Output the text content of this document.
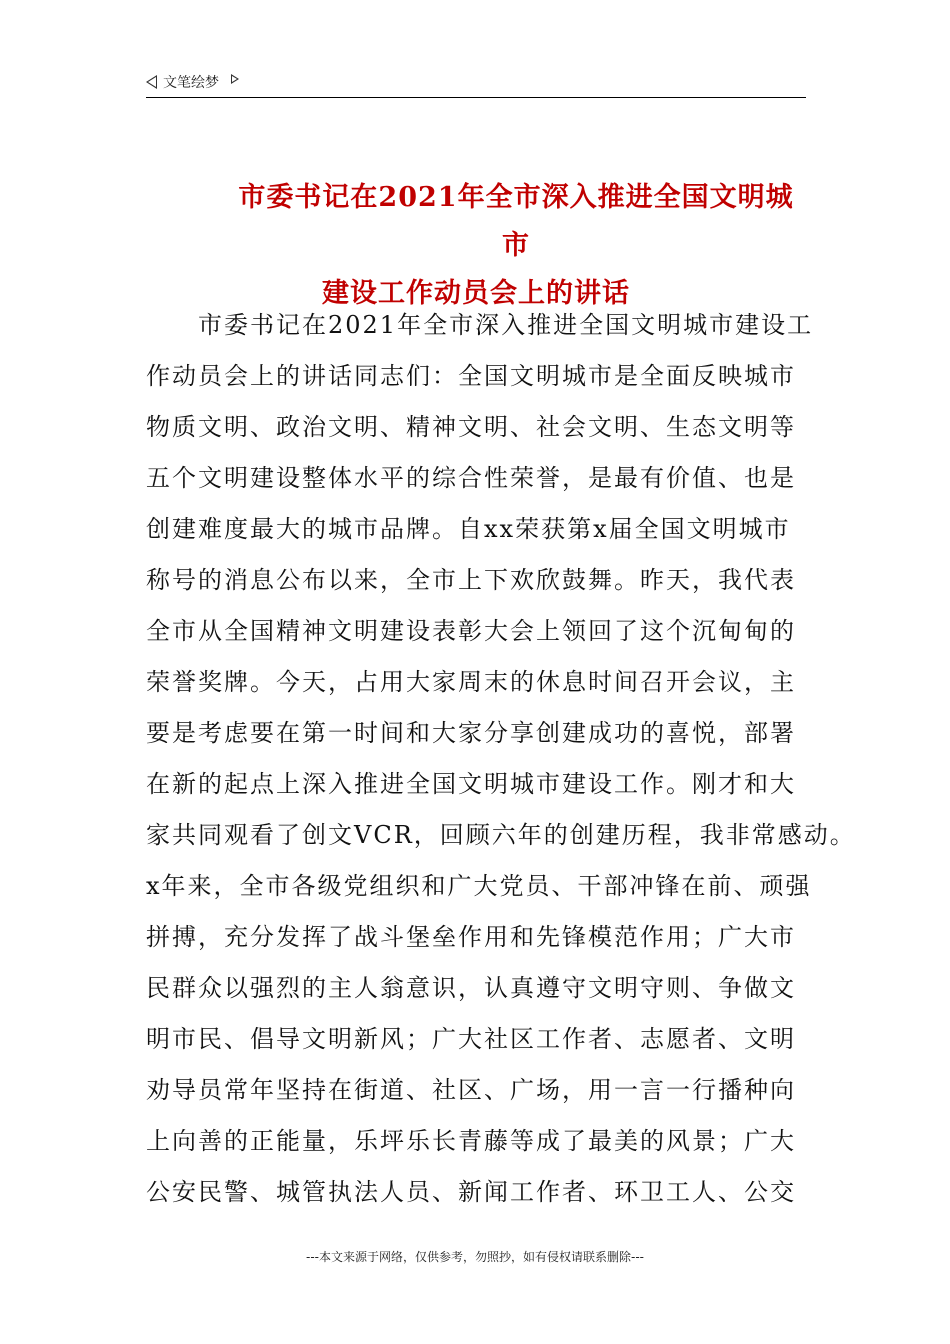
文笔绘梦
市委书记在2021年全市深入推进全国文明城市
建设工作动员会上的讲话
　　市委书记在2021年全市深入推进全国文明城市建设工
作动员会上的讲话同志们：全国文明城市是全面反映城市
物质文明、政治文明、精神文明、社会文明、生态文明等
五个文明建设整体水平的综合性荣誉，是最有价值、也是
创建难度最大的城市品牌。自xx荣获第x届全国文明城市
称号的消息公布以来，全市上下欢欣鼓舞。昨天，我代表
全市从全国精神文明建设表彰大会上领回了这个沉甸甸的
荣誉奖牌。今天，占用大家周末的休息时间召开会议，主
要是考虑要在第一时间和大家分享创建成功的喜悦，部署
在新的起点上深入推进全国文明城市建设工作。刚才和大
家共同观看了创文VCR，回顾六年的创建历程，我非常感动。
x年来，全市各级党组织和广大党员、干部冲锋在前、顽强
拼搏，充分发挥了战斗堡垒作用和先锋模范作用；广大市
民群众以强烈的主人翁意识，认真遵守文明守则、争做文
明市民、倡导文明新风；广大社区工作者、志愿者、文明
劝导员常年坚持在街道、社区、广场，用一言一行播种向
上向善的正能量，乐坪乐长青藤等成了最美的风景；广大
公安民警、城管执法人员、新闻工作者、环卫工人、公交
---本文来源于网络，仅供参考，勿照抄，如有侵权请联系删除---
